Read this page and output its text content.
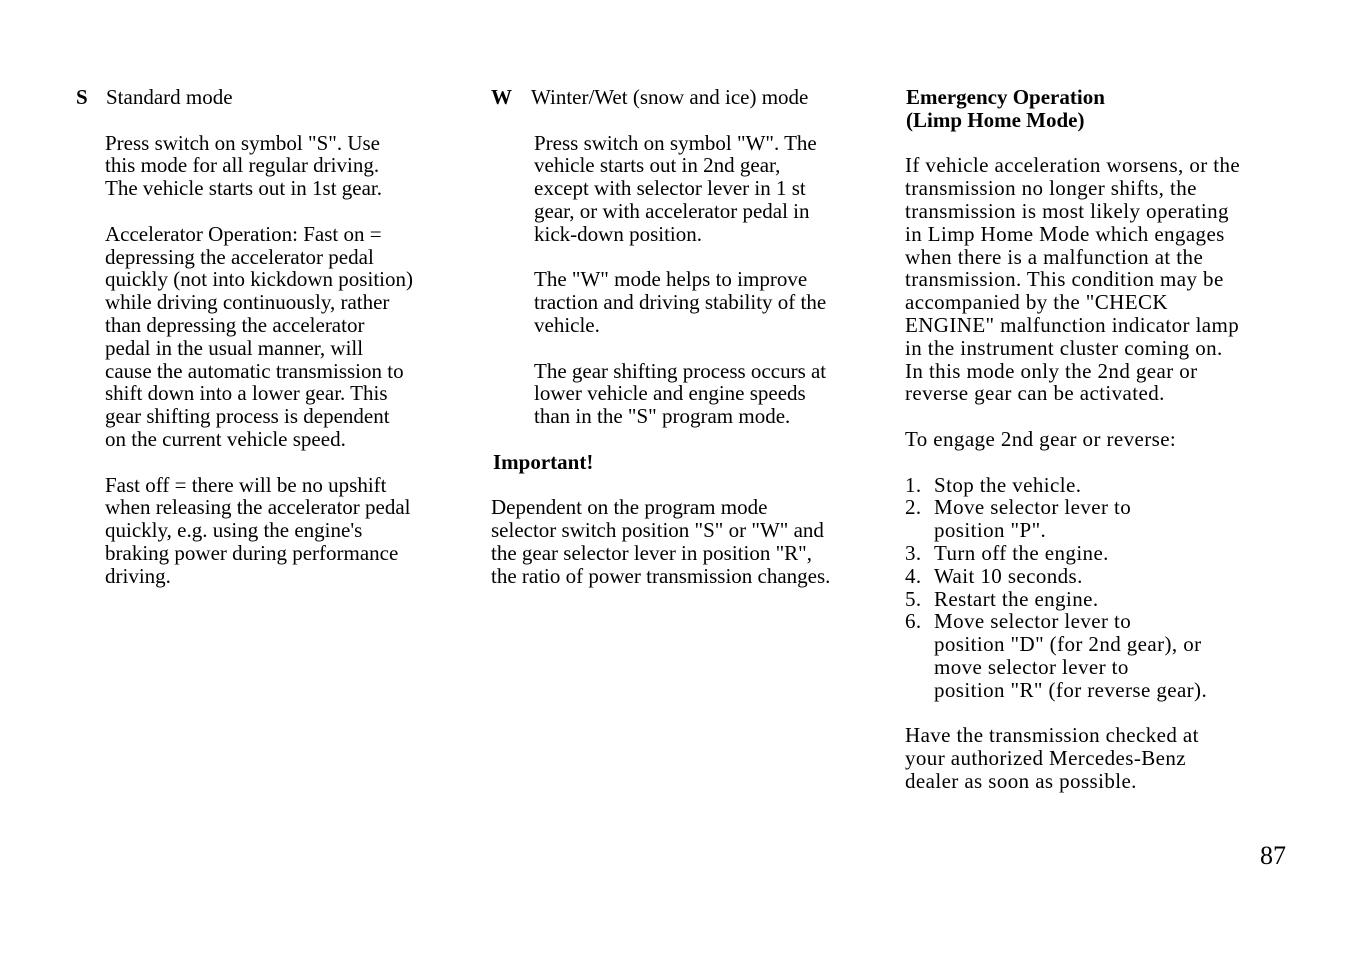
S Standard mode
Press switch on symbol "S". Use
this mode for all regular driving.
The vehicle starts out in 1st gear.
Accelerator Operation: Fast on =
depressing the accelerator pedal
quickly (not into kickdown position)
while driving continuously, rather
than depressing the accelerator
pedal in the usual manner, will
cause the automatic transmission to
shift down into a lower gear. This
gear shifting process is dependent
on the current vehicle speed.
Fast off = there will be no upshift
when releasing the accelerator pedal
quickly, e.g. using the engine's
braking power during performance
driving.
W Winter/Wet (snow and ice) mode
Press switch on symbol "W". The
vehicle starts out in 2nd gear,
except with selector lever in 1 st
gear, or with accelerator pedal in
kick-down position.
The "W" mode helps to improve
traction and driving stability of the
vehicle.
The gear shifting process occurs at
lower vehicle and engine speeds
than in the "S" program mode.
Important!
Dependent on the program mode
selector switch position "S" or "W" and
the gear selector lever in position "R",
the ratio of power transmission changes.
Emergency Operation
(Limp Home Mode)
If vehicle acceleration worsens, or the
transmission no longer shifts, the
transmission is most likely operating
in Limp Home Mode which engages
when there is a malfunction at the
transmission. This condition may be
accompanied by the "CHECK
ENGINE" malfunction indicator lamp
in the instrument cluster coming on.
In this mode only the 2nd gear or
reverse gear can be activated.
To engage 2nd gear or reverse:
1. Stop the vehicle.
2. Move selector lever to
position "P".
3. Turn off the engine.
4. Wait 10 seconds.
5. Restart the engine.
6. Move selector lever to
position "D" (for 2nd gear), or
move selector lever to
position "R" (for reverse gear).
Have the transmission checked at
your authorized Mercedes-Benz
dealer as soon as possible.
87
